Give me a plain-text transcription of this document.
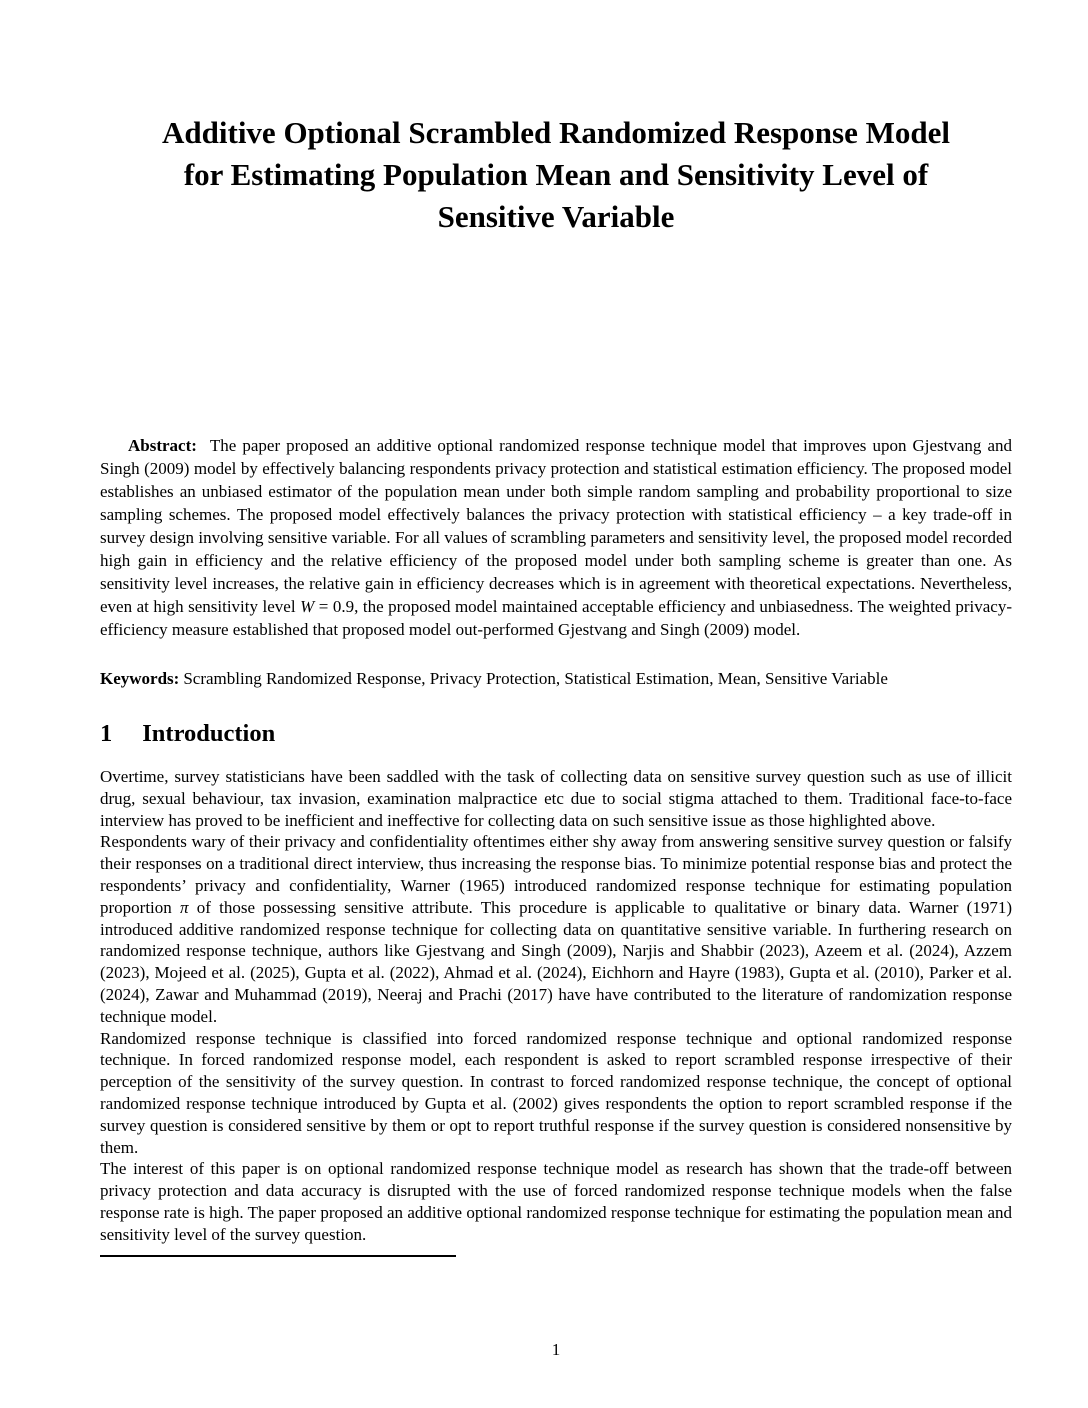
Additive Optional Scrambled Randomized Response Model
for Estimating Population Mean and Sensitivity Level of
Sensitive Variable

Abstract: The paper proposed an additive optional randomized response technique model that improves upon Gjestvang and Singh (2009) model by effectively balancing respondents privacy protection and statistical estimation efficiency. The proposed model establishes an unbiased estimator of the population mean under both simple random sampling and probability proportional to size sampling schemes. The proposed model effectively balances the privacy protection with statistical efficiency – a key trade-off in survey design involving sensitive variable. For all values of scrambling parameters and sensitivity level, the proposed model recorded high gain in efficiency and the relative efficiency of the proposed model under both sampling scheme is greater than one. As sensitivity level increases, the relative gain in efficiency decreases which is in agreement with theoretical expectations. Nevertheless, even at high sensitivity level W = 0.9, the proposed model maintained acceptable efficiency and unbiasedness. The weighted privacy-efficiency measure established that proposed model out-performed Gjestvang and Singh (2009) model.

Keywords: Scrambling Randomized Response, Privacy Protection, Statistical Estimation, Mean, Sensitive Variable

1 Introduction

Overtime, survey statisticians have been saddled with the task of collecting data on sensitive survey question such as use of illicit drug, sexual behaviour, tax invasion, examination malpractice etc due to social stigma attached to them. Traditional face-to-face interview has proved to be inefficient and ineffective for collecting data on such sensitive issue as those highlighted above.

Respondents wary of their privacy and confidentiality oftentimes either shy away from answering sensitive survey question or falsify their responses on a traditional direct interview, thus increasing the response bias. To minimize potential response bias and protect the respondents’ privacy and confidentiality, Warner (1965) introduced randomized response technique for estimating population proportion π of those possessing sensitive attribute. This procedure is applicable to qualitative or binary data. Warner (1971) introduced additive randomized response technique for collecting data on quantitative sensitive variable. In furthering research on randomized response technique, authors like Gjestvang and Singh (2009), Narjis and Shabbir (2023), Azeem et al. (2024), Azzem (2023), Mojeed et al. (2025), Gupta et al. (2022), Ahmad et al. (2024), Eichhorn and Hayre (1983), Gupta et al. (2010), Parker et al. (2024), Zawar and Muhammad (2019), Neeraj and Prachi (2017) have have contributed to the literature of randomization response technique model.

Randomized response technique is classified into forced randomized response technique and optional randomized response technique. In forced randomized response model, each respondent is asked to report scrambled response irrespective of their perception of the sensitivity of the survey question. In contrast to forced randomized response technique, the concept of optional randomized response technique introduced by Gupta et al. (2002) gives respondents the option to report scrambled response if the survey question is considered sensitive by them or opt to report truthful response if the survey question is considered nonsensitive by them.

The interest of this paper is on optional randomized response technique model as research has shown that the trade-off between privacy protection and data accuracy is disrupted with the use of forced randomized response technique models when the false response rate is high. The paper proposed an additive optional randomized response technique for estimating the population mean and sensitivity level of the survey question.

1
